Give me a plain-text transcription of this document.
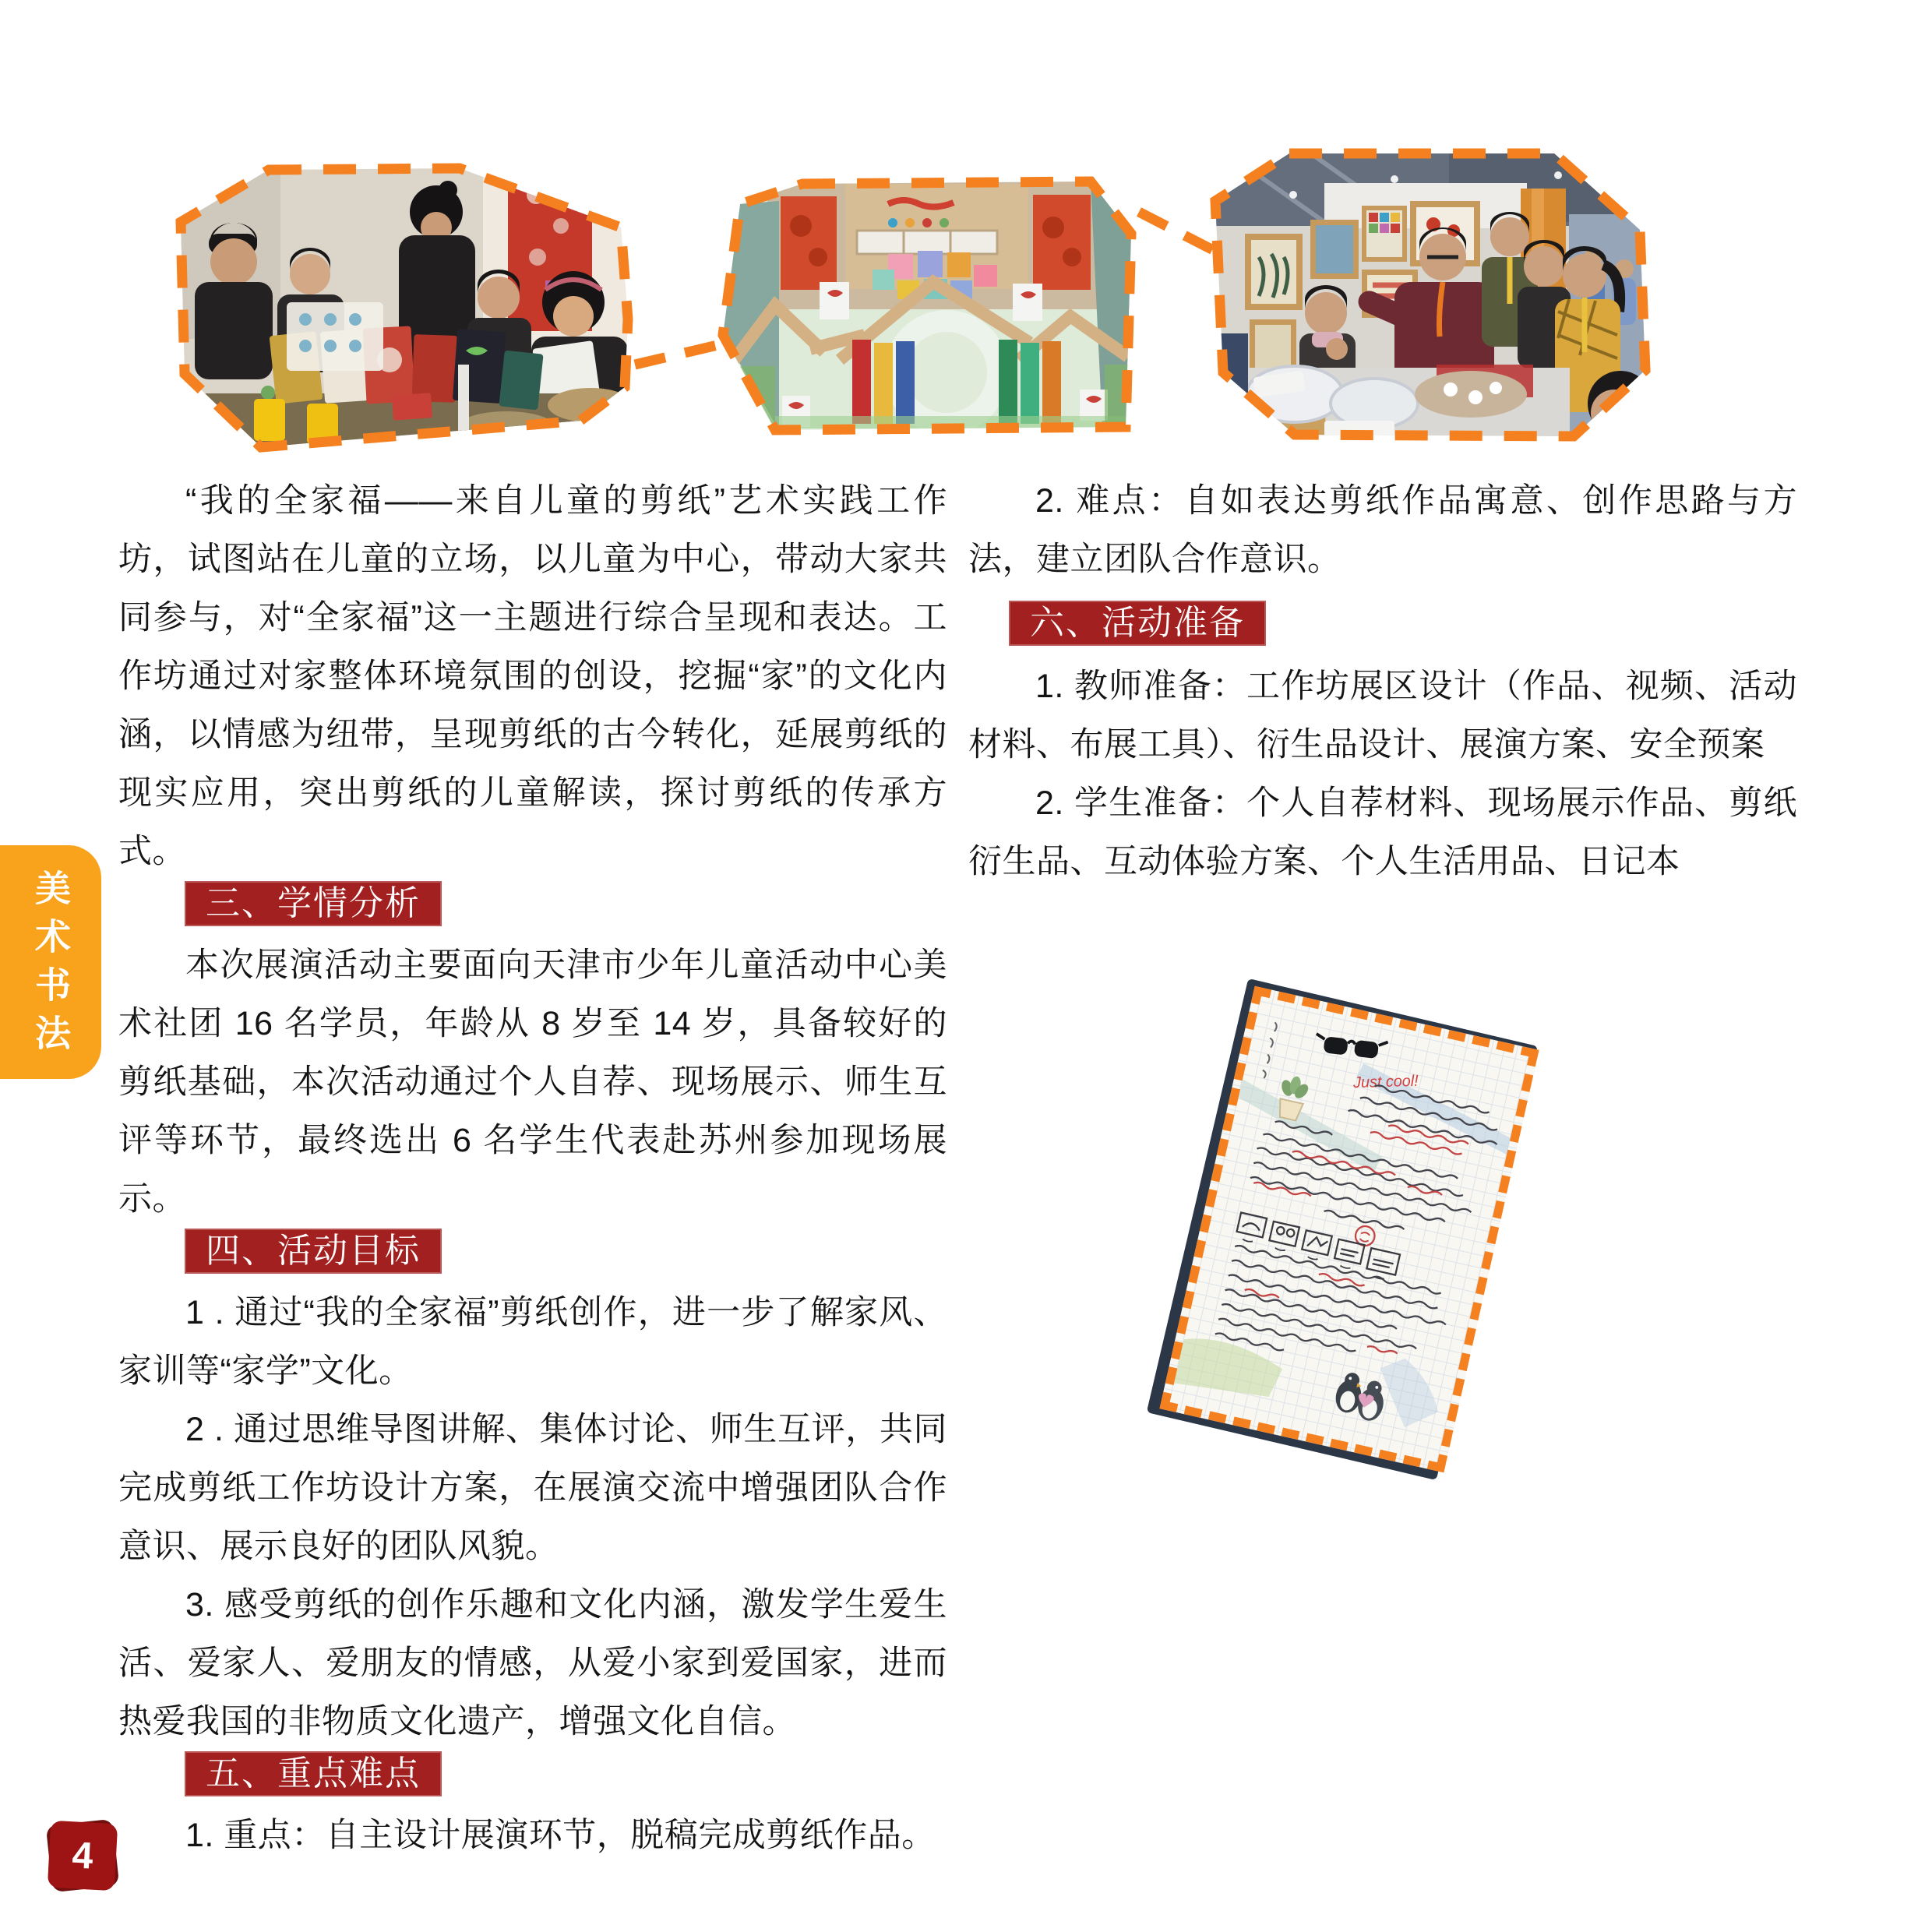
“我的全家福——来自儿童的剪纸”艺术实践工作坊，试图站在儿童的立场，以儿童为中心，带动大家共同参与，对“全家福”这一主题进行综合呈现和表达。工作坊通过对家整体环境氛围的创设，挖掘“家”的文化内涵，以情感为纽带，呈现剪纸的古今转化，延展剪纸的现实应用，突出剪纸的儿童解读，探讨剪纸的传承方式。

三、学情分析

本次展演活动主要面向天津市少年儿童活动中心美术社团 16 名学员，年龄从 8 岁至 14 岁，具备较好的剪纸基础，本次活动通过个人自荐、现场展示、师生互评等环节，最终选出 6 名学生代表赴苏州参加现场展示。

四、活动目标

1 . 通过“我的全家福”剪纸创作，进一步了解家风、家训等“家学”文化。

2 . 通过思维导图讲解、集体讨论、师生互评，共同完成剪纸工作坊设计方案，在展演交流中增强团队合作意识、展示良好的团队风貌。

3. 感受剪纸的创作乐趣和文化内涵，激发学生爱生活、爱家人、爱朋友的情感，从爱小家到爱国家，进而热爱我国的非物质文化遗产，增强文化自信。

五、重点难点

1. 重点：自主设计展演环节，脱稿完成剪纸作品。

2. 难点：自如表达剪纸作品寓意、创作思路与方法，建立团队合作意识。

六、活动准备

1. 教师准备：工作坊展区设计（作品、视频、活动材料、布展工具）、衍生品设计、展演方案、安全预案

2. 学生准备：个人自荐材料、现场展示作品、剪纸衍生品、互动体验方案、个人生活用品、日记本

Just cool!
美术书法
4
